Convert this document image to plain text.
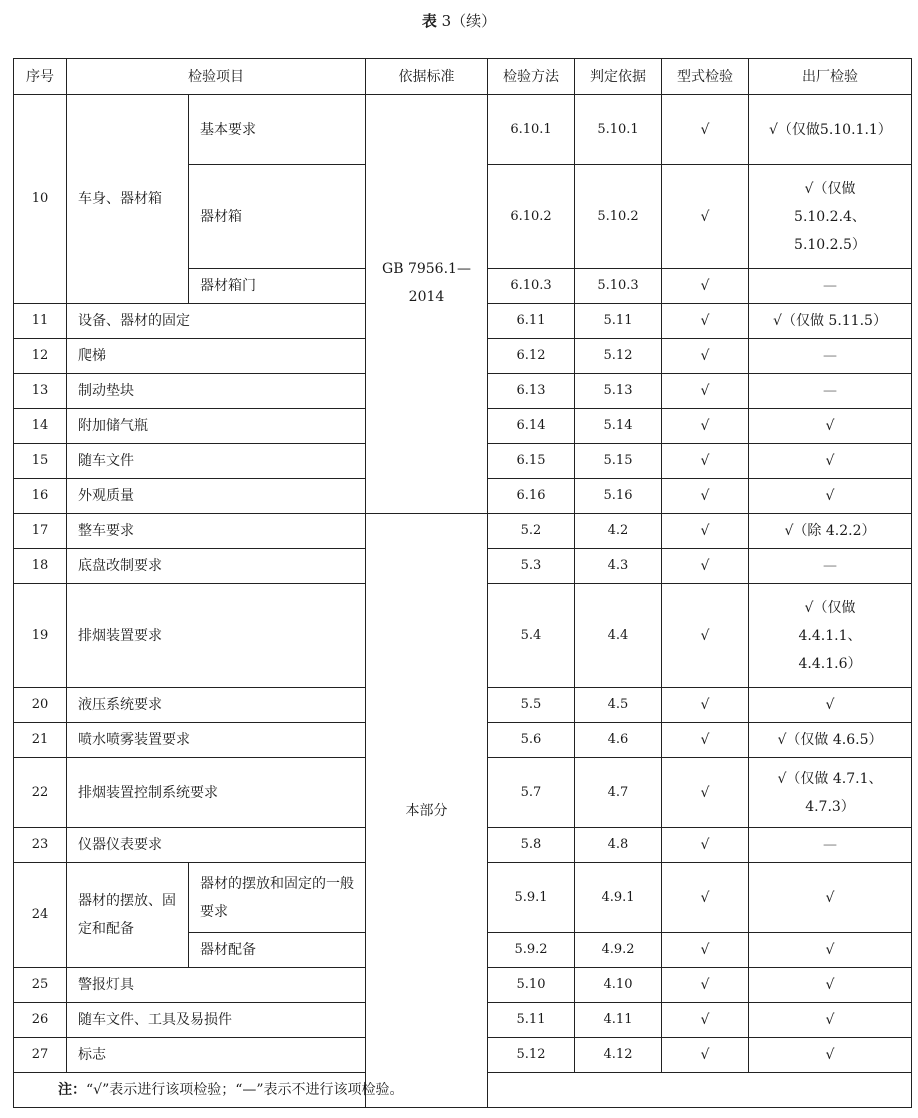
表 3（续）
序号	检验项目		依据标准	检验方法	判定依据	型式检验	出厂检验
10	车身、器材箱	基本要求	GB 7956.1—2014	6.10.1	5.10.1	√	√（仅做5.10.1.1）
		器材箱		6.10.2	5.10.2	√	√（仅做5.10.2.4、5.10.2.5）
		器材箱门		6.10.3	5.10.3	√	—
11	设备、器材的固定			6.11	5.11	√	√（仅做 5.11.5）
12	爬梯			6.12	5.12	√	—
13	制动垫块			6.13	5.13	√	—
14	附加储气瓶			6.14	5.14	√	√
15	随车文件			6.15	5.15	√	√
16	外观质量			6.16	5.16	√	√
17	整车要求		本部分	5.2	4.2	√	√（除 4.2.2）
18	底盘改制要求			5.3	4.3	√	—
19	排烟装置要求			5.4	4.4	√	√（仅做4.4.1.1、4.4.1.6）
20	液压系统要求			5.5	4.5	√	√
21	喷水喷雾装置要求			5.6	4.6	√	√（仅做 4.6.5）
22	排烟装置控制系统要求			5.7	4.7	√	√（仅做 4.7.1、4.7.3）
23	仪器仪表要求			5.8	4.8	√	—
24	器材的摆放、固定和配备	器材的摆放和固定的一般要求		5.9.1	4.9.1	√	√
		器材配备		5.9.2	4.9.2	√	√
25	警报灯具			5.10	4.10	√	√
26	随车文件、工具及易损件			5.11	4.11	√	√
27	标志			5.12	4.12	√	√
注：“√”表示进行该项检验；“—”表示不进行该项检验。							
